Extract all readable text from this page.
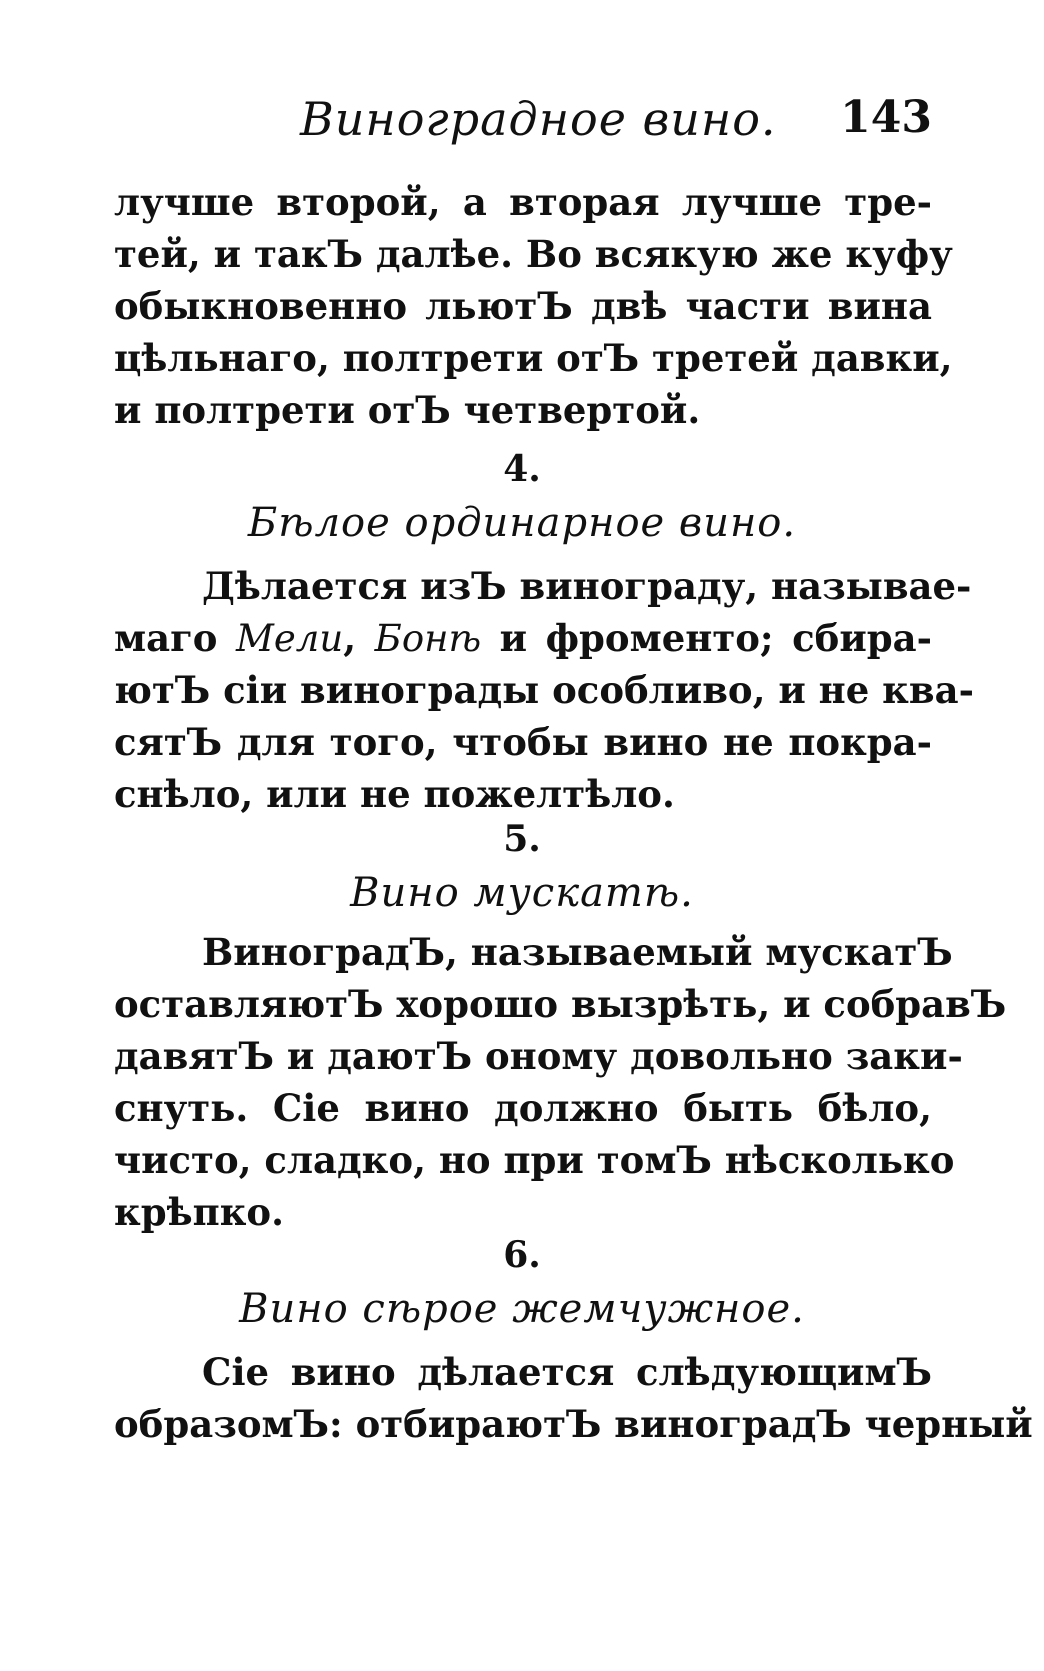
Виноградное вино. 143
лучше второй, а вторая лучше тре-
тей, и такЪ далѣе. Во всякую же куфу
обыкновенно льютЪ двѣ части вина
цѣльнаго, полтрети отЪ третей давки,
и полтрети отЪ четвертой.
4.
Бѣлое ординарное вино.
Дѣлается изЪ винограду, называе-
маго Мели, Бонѣ и фроменто; сбира-
ютЪ сіи винограды особливо, и не ква-
сятЪ для того, чтобы вино не покра-
снѣло, или не пожелтѣло.
5.
Вино мускатѣ.
ВиноградЪ, называемый мускатЪ
оставляютЪ хорошо вызрѣть, и собравЪ
давятЪ и даютЪ оному довольно заки-
снуть. Сіе вино должно быть бѣло,
чисто, сладко, но при томЪ нѣсколько
крѣпко.
6.
Вино сѣрое жемчужное.
Сіе вино дѣлается слѣдующимЪ
образомЪ: отбираютЪ виноградЪ черный
